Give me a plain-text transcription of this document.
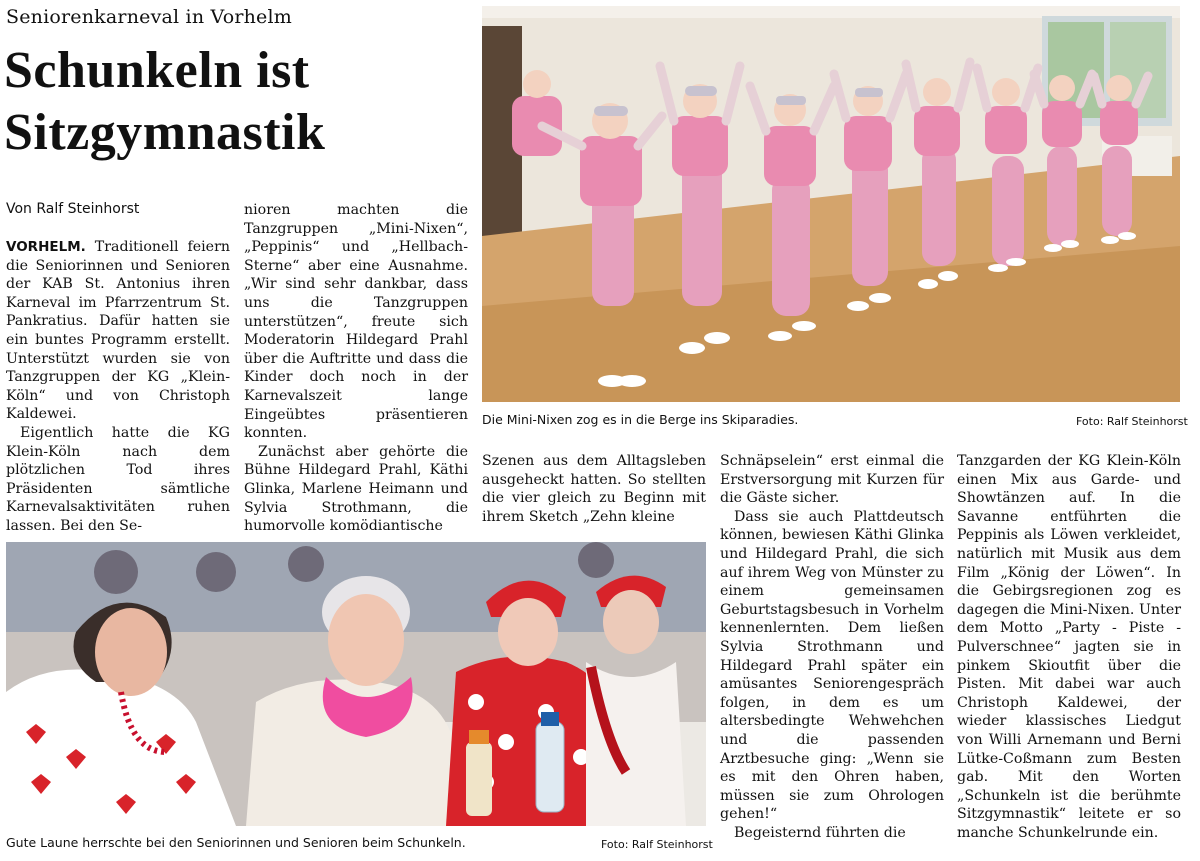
Seniorenkarneval in Vorhelm
Schunkeln ist
Sitzgymnastik
Von Ralf Steinhorst

VORHELM. Traditionell feiern die Seniorinnen und Senioren der KAB St. Antonius ihren Karneval im Pfarrzentrum St. Pankratius. Dafür hatten sie ein buntes Programm erstellt. Unterstützt wurden sie von Tanzgruppen der KG „Klein-Köln“ und von Christoph Kaldewei.

Eigentlich hatte die KG Klein-Köln nach dem plötzlichen Tod ihres Präsidenten sämtliche Karnevalsaktivitäten ruhen lassen. Bei den Se-

nioren machten die Tanzgruppen „Mini-Nixen“, „Peppinis“ und „Hellbach-Sterne“ aber eine Ausnahme. „Wir sind sehr dankbar, dass uns die Tanzgruppen unterstützen“, freute sich Moderatorin Hildegard Prahl über die Auftritte und dass die Kinder doch noch in der Karnevalszeit lange Eingeübtes präsentieren konnten.

Zunächst aber gehörte die Bühne Hildegard Prahl, Käthi Glinka, Marlene Heimann und Sylvia Strothmann, die humorvolle komödiantische

Die Mini-Nixen zog es in die Berge ins Skiparadies.	Foto: Ralf Steinhorst

Szenen aus dem Alltagsleben ausgeheckt hatten. So stellten die vier gleich zu Beginn mit ihrem Sketch „Zehn kleine

Schnäpselein“ erst einmal die Erstversorgung mit Kurzen für die Gäste sicher.

Dass sie auch Plattdeutsch können, bewiesen Käthi Glinka und Hildegard Prahl, die sich auf ihrem Weg von Münster zu einem gemeinsamen Geburtstagsbesuch in Vorhelm kennenlernten. Dem ließen Sylvia Strothmann und Hildegard Prahl später ein amüsantes Seniorengespräch folgen, in dem es um altersbedingte Wehwehchen und die passenden Arztbesuche ging: „Wenn sie es mit den Ohren haben, müssen sie zum Ohrologen gehen!“

Begeisternd führten die

Tanzgarden der KG Klein-Köln einen Mix aus Garde- und Showtänzen auf. In die Savanne entführten die Peppinis als Löwen verkleidet, natürlich mit Musik aus dem Film „König der Löwen“. In die Gebirgsregionen zog es dagegen die Mini-Nixen. Unter dem Motto „Party - Piste - Pulverschnee“ jagten sie in pinkem Skioutfit über die Pisten. Mit dabei war auch Christoph Kaldewei, der wieder klassisches Liedgut von Willi Arnemann und Berni Lütke-Coßmann zum Besten gab. Mit den Worten „Schunkeln ist die berühmte Sitzgymnastik“ leitete er so manche Schunkelrunde ein.

Gute Laune herrschte bei den Seniorinnen und Senioren beim Schunkeln.	Foto: Ralf Steinhorst
